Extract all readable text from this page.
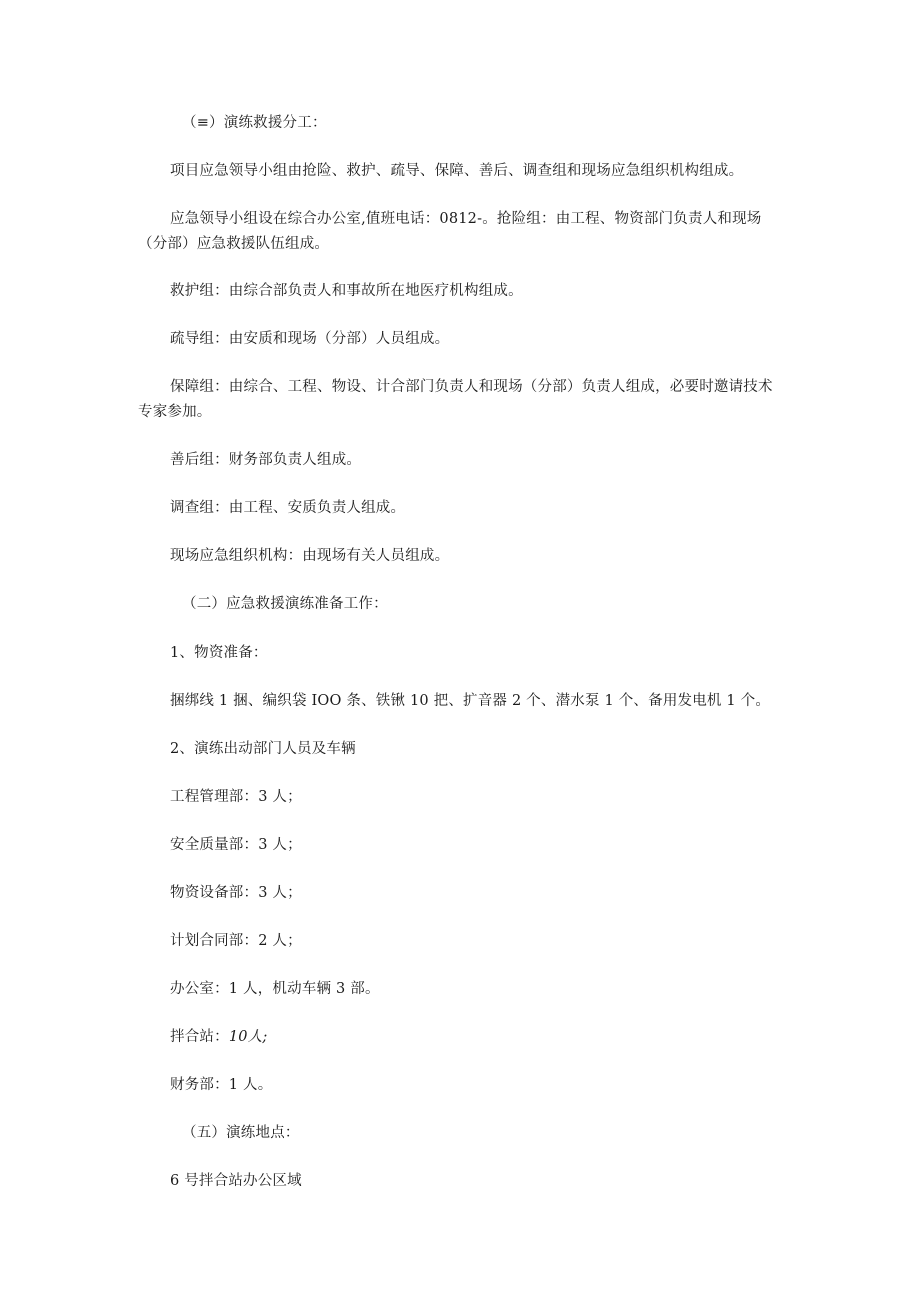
（≡）演练救援分工：

项目应急领导小组由抢险、救护、疏导、保障、善后、调查组和现场应急组织机构组成。

应急领导小组设在综合办公室,值班电话：0812-。抢险组：由工程、物资部门负责人和现场（分部）应急救援队伍组成。

救护组：由综合部负责人和事故所在地医疗机构组成。

疏导组：由安质和现场（分部）人员组成。

保障组：由综合、工程、物设、计合部门负责人和现场（分部）负责人组成，必要时邀请技术专家参加。

善后组：财务部负责人组成。

调查组：由工程、安质负责人组成。

现场应急组织机构：由现场有关人员组成。

（二）应急救援演练准备工作：

1、物资准备：

捆绑线 1 捆、编织袋 IOO 条、铁锹 10 把、扩音器 2 个、潜水泵 1 个、备用发电机 1 个。

2、演练出动部门人员及车辆

工程管理部：3 人；

安全质量部：3 人；

物资设备部：3 人；

计划合同部：2 人；

办公室：1 人，机动车辆 3 部。

拌合站：10人;

财务部：1 人。

（五）演练地点：

6 号拌合站办公区域
